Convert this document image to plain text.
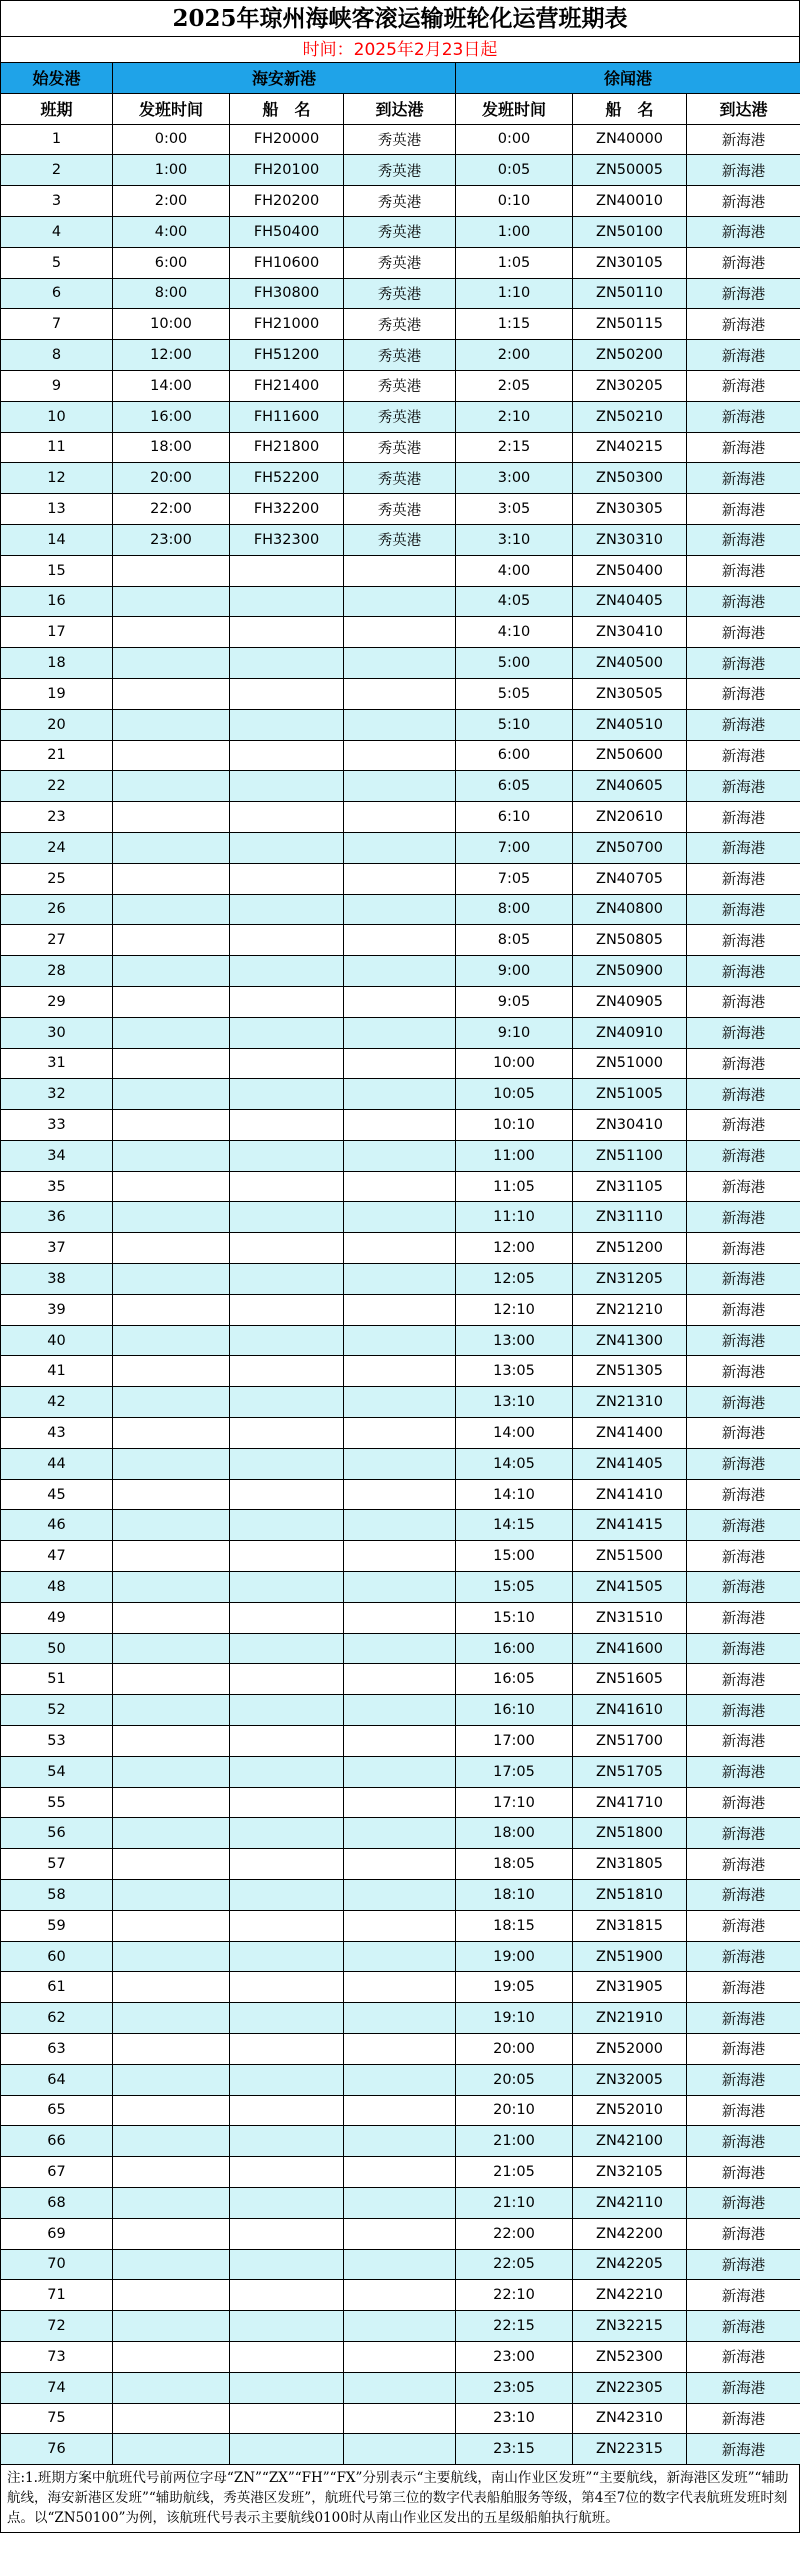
2025年琼州海峡客滚运输班轮化运营班期表
时间：2025年2月23日起
始发港	海安新港			徐闻港		
班期	发班时间	船　名	到达港	发班时间	船　名	到达港
1	0:00	FH20000	秀英港	0:00	ZN40000	新海港
2	1:00	FH20100	秀英港	0:05	ZN50005	新海港
3	2:00	FH20200	秀英港	0:10	ZN40010	新海港
4	4:00	FH50400	秀英港	1:00	ZN50100	新海港
5	6:00	FH10600	秀英港	1:05	ZN30105	新海港
6	8:00	FH30800	秀英港	1:10	ZN50110	新海港
7	10:00	FH21000	秀英港	1:15	ZN50115	新海港
8	12:00	FH51200	秀英港	2:00	ZN50200	新海港
9	14:00	FH21400	秀英港	2:05	ZN30205	新海港
10	16:00	FH11600	秀英港	2:10	ZN50210	新海港
11	18:00	FH21800	秀英港	2:15	ZN40215	新海港
12	20:00	FH52200	秀英港	3:00	ZN50300	新海港
13	22:00	FH32200	秀英港	3:05	ZN30305	新海港
14	23:00	FH32300	秀英港	3:10	ZN30310	新海港
15				4:00	ZN50400	新海港
16				4:05	ZN40405	新海港
17				4:10	ZN30410	新海港
18				5:00	ZN40500	新海港
19				5:05	ZN30505	新海港
20				5:10	ZN40510	新海港
21				6:00	ZN50600	新海港
22				6:05	ZN40605	新海港
23				6:10	ZN20610	新海港
24				7:00	ZN50700	新海港
25				7:05	ZN40705	新海港
26				8:00	ZN40800	新海港
27				8:05	ZN50805	新海港
28				9:00	ZN50900	新海港
29				9:05	ZN40905	新海港
30				9:10	ZN40910	新海港
31				10:00	ZN51000	新海港
32				10:05	ZN51005	新海港
33				10:10	ZN30410	新海港
34				11:00	ZN51100	新海港
35				11:05	ZN31105	新海港
36				11:10	ZN31110	新海港
37				12:00	ZN51200	新海港
38				12:05	ZN31205	新海港
39				12:10	ZN21210	新海港
40				13:00	ZN41300	新海港
41				13:05	ZN51305	新海港
42				13:10	ZN21310	新海港
43				14:00	ZN41400	新海港
44				14:05	ZN41405	新海港
45				14:10	ZN41410	新海港
46				14:15	ZN41415	新海港
47				15:00	ZN51500	新海港
48				15:05	ZN41505	新海港
49				15:10	ZN31510	新海港
50				16:00	ZN41600	新海港
51				16:05	ZN51605	新海港
52				16:10	ZN41610	新海港
53				17:00	ZN51700	新海港
54				17:05	ZN51705	新海港
55				17:10	ZN41710	新海港
56				18:00	ZN51800	新海港
57				18:05	ZN31805	新海港
58				18:10	ZN51810	新海港
59				18:15	ZN31815	新海港
60				19:00	ZN51900	新海港
61				19:05	ZN31905	新海港
62				19:10	ZN21910	新海港
63				20:00	ZN52000	新海港
64				20:05	ZN32005	新海港
65				20:10	ZN52010	新海港
66				21:00	ZN42100	新海港
67				21:05	ZN32105	新海港
68				21:10	ZN42110	新海港
69				22:00	ZN42200	新海港
70				22:05	ZN42205	新海港
71				22:10	ZN42210	新海港
72				22:15	ZN32215	新海港
73				23:00	ZN52300	新海港
74				23:05	ZN22305	新海港
75				23:10	ZN42310	新海港
76				23:15	ZN22315	新海港
注:1.班期方案中航班代号前两位字母“ZN”“ZX”“FH”“FX”分别表示“主要航线，南山作业区发班”“主要航线，新海港区发班”“辅助航线，海安新港区发班”“辅助航线，秀英港区发班”，航班代号第三位的数字代表船舶服务等级，第4至7位的数字代表航班发班时刻点。以“ZN50100”为例，该航班代号表示主要航线0100时从南山作业区发出的五星级船舶执行航班。
